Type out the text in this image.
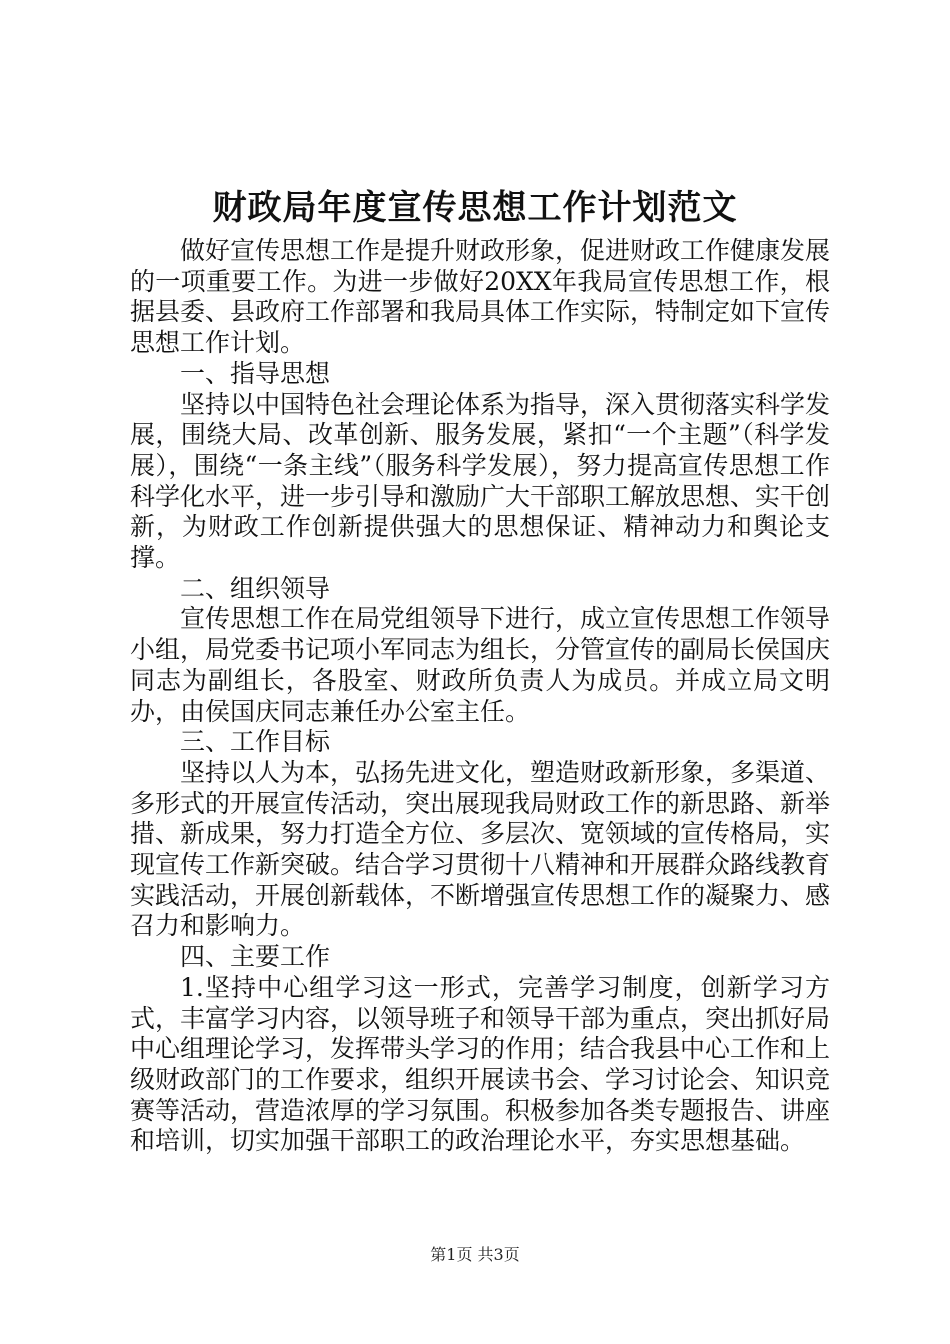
财政局年度宣传思想工作计划范文

做好宣传思想工作是提升财政形象，促进财政工作健康发展的一项重要工作。为进一步做好20XX年我局宣传思想工作，根据县委、县政府工作部署和我局具体工作实际，特制定如下宣传思想工作计划。

一、指导思想

坚持以中国特色社会理论体系为指导，深入贯彻落实科学发展，围绕大局、改革创新、服务发展，紧扣“一个主题”（科学发展），围绕“一条主线”（服务科学发展），努力提高宣传思想工作科学化水平，进一步引导和激励广大干部职工解放思想、实干创新，为财政工作创新提供强大的思想保证、精神动力和舆论支撑。

二、组织领导

宣传思想工作在局党组领导下进行，成立宣传思想工作领导小组，局党委书记项小军同志为组长，分管宣传的副局长侯国庆同志为副组长，各股室、财政所负责人为成员。并成立局文明办，由侯国庆同志兼任办公室主任。

三、工作目标

坚持以人为本，弘扬先进文化，塑造财政新形象，多渠道、多形式的开展宣传活动，突出展现我局财政工作的新思路、新举措、新成果，努力打造全方位、多层次、宽领域的宣传格局，实现宣传工作新突破。结合学习贯彻十八精神和开展群众路线教育实践活动，开展创新载体，不断增强宣传思想工作的凝聚力、感召力和影响力。

四、主要工作

1.坚持中心组学习这一形式，完善学习制度，创新学习方式，丰富学习内容，以领导班子和领导干部为重点，突出抓好局中心组理论学习，发挥带头学习的作用；结合我县中心工作和上级财政部门的工作要求，组织开展读书会、学习讨论会、知识竞赛等活动，营造浓厚的学习氛围。积极参加各类专题报告、讲座和培训，切实加强干部职工的政治理论水平，夯实思想基础。

第1页 共3页
